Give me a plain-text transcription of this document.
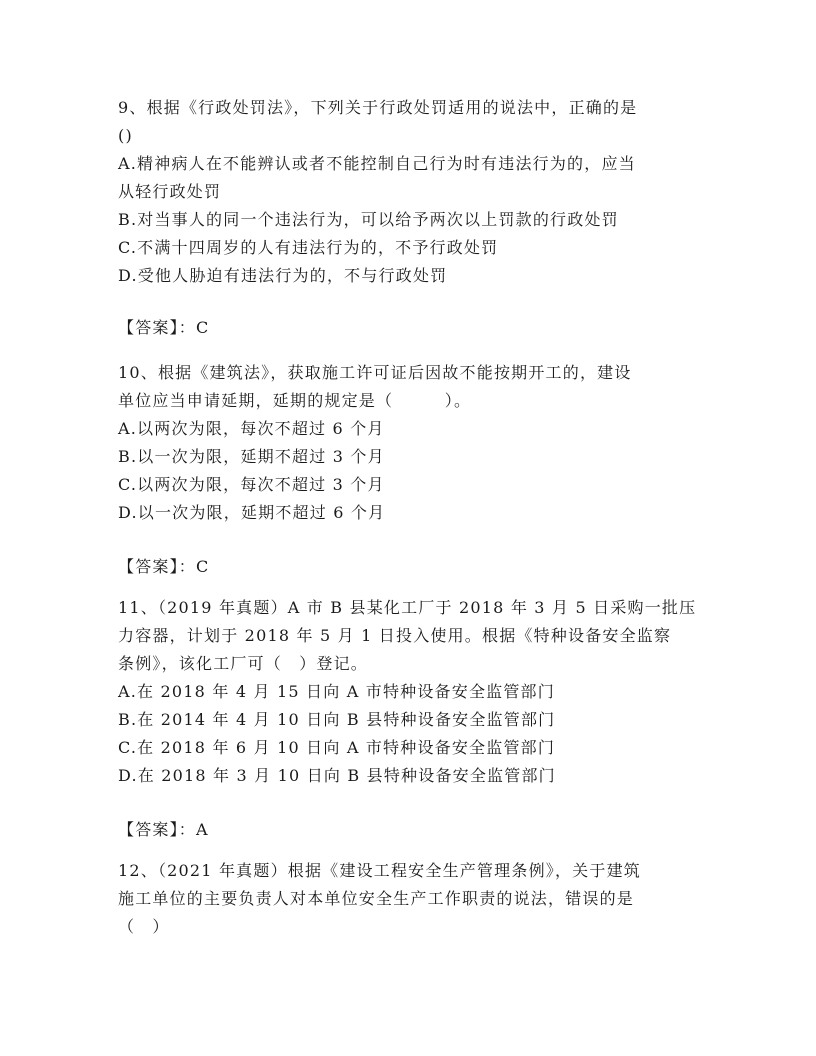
9、根据《行政处罚法》，下列关于行政处罚适用的说法中，正确的是
()
A.精神病人在不能辨认或者不能控制自己行为时有违法行为的，应当
从轻行政处罚
B.对当事人的同一个违法行为，可以给予两次以上罚款的行政处罚
C.不满十四周岁的人有违法行为的，不予行政处罚
D.受他人胁迫有违法行为的，不与行政处罚
【答案】：C
10、根据《建筑法》，获取施工许可证后因故不能按期开工的，建设
单位应当申请延期，延期的规定是（　　　）。
A.以两次为限，每次不超过 6 个月
B.以一次为限，延期不超过 3 个月
C.以两次为限，每次不超过 3 个月
D.以一次为限，延期不超过 6 个月
【答案】：C
11、（2019 年真题）A 市 B 县某化工厂于 2018 年 3 月 5 日采购一批压
力容器，计划于 2018 年 5 月 1 日投入使用。根据《特种设备安全监察
条例》，该化工厂可（　）登记。
A.在 2018 年 4 月 15 日向 A 市特种设备安全监管部门
B.在 2014 年 4 月 10 日向 B 县特种设备安全监管部门
C.在 2018 年 6 月 10 日向 A 市特种设备安全监管部门
D.在 2018 年 3 月 10 日向 B 县特种设备安全监管部门
【答案】：A
12、（2021 年真题）根据《建设工程安全生产管理条例》，关于建筑
施工单位的主要负责人对本单位安全生产工作职责的说法，错误的是
（　）
